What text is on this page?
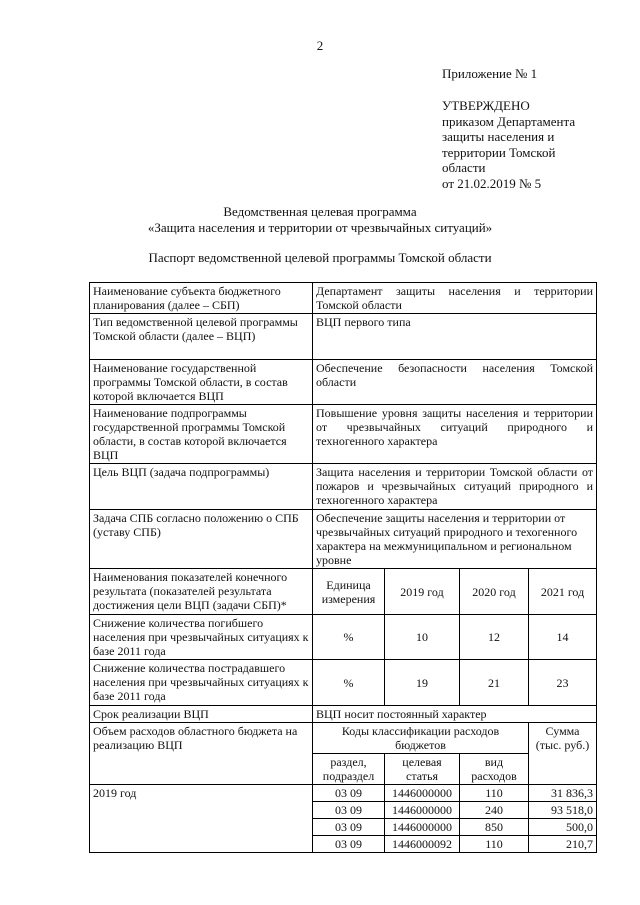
2
Приложение № 1
УТВЕРЖДЕНО
приказом Департамента
защиты населения и
территории Томской
области
от 21.02.2019 № 5
Ведомственная целевая программа
«Защита населения и территории от чрезвычайных ситуаций»
Паспорт ведомственной целевой программы Томской области
Наименование субъекта бюджетного планирования (далее – СБП)	Департамент защиты населения и территории Томской области			
Тип ведомственной целевой программы Томской области (далее – ВЦП)	ВЦП первого типа			
Наименование государственной программы Томской области, в состав которой включается ВЦП	Обеспечение безопасности населения Томской области			
Наименование подпрограммы государственной программы Томской области, в состав которой включается ВЦП	Повышение уровня защиты населения и территории от чрезвычайных ситуаций природного и техногенного характера			
Цель ВЦП (задача подпрограммы)	Защита населения и территории Томской области от пожаров и чрезвычайных ситуаций природного и техногенного характера			
Задача СПБ согласно положению о СПБ (уставу СПБ)	Обеспечение защиты населения и территории от чрезвычайных ситуаций природного и техогенного характера на межмуниципальном и региональном уровне			
Наименования показателей конечного результата (показателей результата достижения цели ВЦП (задачи СБП)*	Единица измерения	2019 год	2020 год	2021 год
Снижение количества погибшего населения при чрезвычайных ситуациях к базе 2011 года	%	10	12	14
Снижение количества пострадавшего населения при чрезвычайных ситуациях к базе 2011 года	%	19	21	23
Срок реализации ВЦП	ВЦП носит постоянный характер			
Объем расходов областного бюджета на реализацию ВЦП	Коды классификации расходов бюджетов			Сумма (тыс. руб.)
	раздел, подраздел	целевая статья	вид расходов	
2019 год	03 09	1446000000	110	31 836,3
	03 09	1446000000	240	93 518,0
	03 09	1446000000	850	500,0
	03 09	1446000092	110	210,7
